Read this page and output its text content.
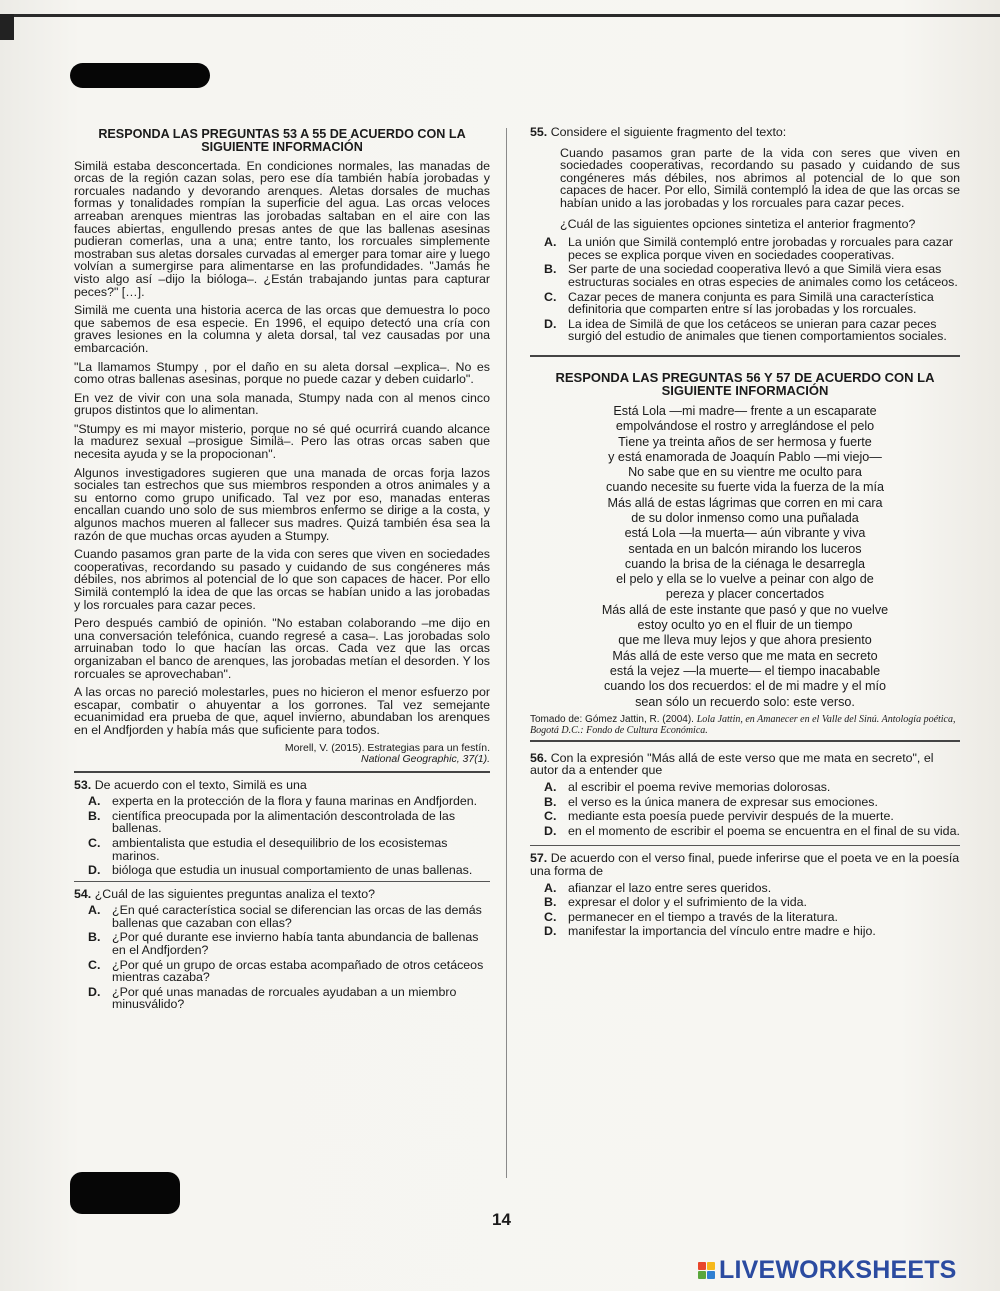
RESPONDA LAS PREGUNTAS 53 A 55 DE ACUERDO CON LA SIGUIENTE INFORMACIÓN

Similä estaba desconcertada. En condiciones normales, las manadas de orcas de la región cazan solas, pero ese día también había jorobadas y rorcuales nadando y devorando arenques. Aletas dorsales de muchas formas y tonalidades rompían la superficie del agua. Las orcas veloces arreaban arenques mientras las jorobadas saltaban en el aire con las fauces abiertas, engullendo presas antes de que las ballenas asesinas pudieran comerlas, una a una; entre tanto, los rorcuales simplemente mostraban sus aletas dorsales curvadas al emerger para tomar aire y luego volvían a sumergirse para alimentarse en las profundidades. "Jamás he visto algo así –dijo la bióloga–. ¿Están trabajando juntas para capturar peces?" […].

Similä me cuenta una historia acerca de las orcas que demuestra lo poco que sabemos de esa especie. En 1996, el equipo detectó una cría con graves lesiones en la columna y aleta dorsal, tal vez causadas por una embarcación.

"La llamamos Stumpy , por el daño en su aleta dorsal –explica–. No es como otras ballenas asesinas, porque no puede cazar y deben cuidarlo".

En vez de vivir con una sola manada, Stumpy nada con al menos cinco grupos distintos que lo alimentan.

"Stumpy es mi mayor misterio, porque no sé qué ocurrirá cuando alcance la madurez sexual –prosigue Similä–. Pero las otras orcas saben que necesita ayuda y se la propocionan".

Algunos investigadores sugieren que una manada de orcas forja lazos sociales tan estrechos que sus miembros responden a otros animales y a su entorno como grupo unificado. Tal vez por eso, manadas enteras encallan cuando uno solo de sus miembros enfermo se dirige a la costa, y algunos machos mueren al fallecer sus madres. Quizá también ésa sea la razón de que muchas orcas ayuden a Stumpy.

Cuando pasamos gran parte de la vida con seres que viven en sociedades cooperativas, recordando su pasado y cuidando de sus congéneres más débiles, nos abrimos al potencial de lo que son capaces de hacer. Por ello Similä contempló la idea de que las orcas se habían unido a las jorobadas y los rorcuales para cazar peces.

Pero después cambió de opinión. "No estaban colaborando –me dijo en una conversación telefónica, cuando regresé a casa–. Las jorobadas solo arruinaban todo lo que hacían las orcas. Cada vez que las orcas organizaban el banco de arenques, las jorobadas metían el desorden. Y los rorcuales se aprovechaban".

A las orcas no pareció molestarles, pues no hicieron el menor esfuerzo por escapar, combatir o ahuyentar a los gorrones. Tal vez semejante ecuanimidad era prueba de que, aquel invierno, abundaban los arenques en el Andfjorden y había más que suficiente para todos.

Morell, V. (2015). Estrategias para un festín.
National Geographic, 37(1).
53. De acuerdo con el texto, Similä es una
A. experta en la protección de la flora y fauna marinas en Andfjorden.
B. científica preocupada por la alimentación descontrolada de las ballenas.
C. ambientalista que estudia el desequilibrio de los ecosistemas marinos.
D. bióloga que estudia un inusual comportamiento de unas ballenas.
54. ¿Cuál de las siguientes preguntas analiza el texto?
A. ¿En qué característica social se diferencian las orcas de las demás ballenas que cazaban con ellas?
B. ¿Por qué durante ese invierno había tanta abundancia de ballenas en el Andfjorden?
C. ¿Por qué un grupo de orcas estaba acompañado de otros cetáceos mientras cazaba?
D. ¿Por qué unas manadas de rorcuales ayudaban a un miembro minusválido?
55. Considere el siguiente fragmento del texto:
Cuando pasamos gran parte de la vida con seres que viven en sociedades cooperativas, recordando su pasado y cuidando de sus congéneres más débiles, nos abrimos al potencial de lo que son capaces de hacer. Por ello, Similä contempló la idea de que las orcas se habían unido a las jorobadas y los rorcuales para cazar peces.

¿Cuál de las siguientes opciones sintetiza el anterior fragmento?

A. La unión que Similä contempló entre jorobadas y rorcuales para cazar peces se explica porque viven en sociedades cooperativas.
B. Ser parte de una sociedad cooperativa llevó a que Similä viera esas estructuras sociales en otras especies de animales como los cetáceos.
C. Cazar peces de manera conjunta es para Similä una característica definitoria que comparten entre sí las jorobadas y los rorcuales.
D. La idea de Similä de que los cetáceos se unieran para cazar peces surgió del estudio de animales que tienen comportamientos sociales.
RESPONDA LAS PREGUNTAS 56 Y 57 DE ACUERDO CON LA SIGUIENTE INFORMACIÓN
Está Lola —mi madre— frente a un escaparate
empolvándose el rostro y arreglándose el pelo
Tiene ya treinta años de ser hermosa y fuerte
y está enamorada de Joaquín Pablo —mi viejo—
No sabe que en su vientre me oculto para
cuando necesite su fuerte vida la fuerza de la mía
Más allá de estas lágrimas que corren en mi cara
de su dolor inmenso como una puñalada
está Lola —la muerta— aún vibrante y viva
sentada en un balcón mirando los luceros
cuando la brisa de la ciénaga le desarregla
el pelo y ella se lo vuelve a peinar con algo de
pereza y placer concertados
Más allá de este instante que pasó y que no vuelve
estoy oculto yo en el fluir de un tiempo
que me lleva muy lejos y que ahora presiento
Más allá de este verso que me mata en secreto
está la vejez —la muerte— el tiempo inacabable
cuando los dos recuerdos: el de mi madre y el mío
sean sólo un recuerdo solo: este verso.
Tomado de: Gómez Jattin, R. (2004). Lola Jattin, en Amanecer en el Valle del Sinú. Antología poética, Bogotá D.C.: Fondo de Cultura Económica.
56. Con la expresión "Más allá de este verso que me mata en secreto", el autor da a entender que
A. al escribir el poema revive memorias dolorosas.
B. el verso es la única manera de expresar sus emociones.
C. mediante esta poesía puede pervivir después de la muerte.
D. en el momento de escribir el poema se encuentra en el final de su vida.
57. De acuerdo con el verso final, puede inferirse que el poeta ve en la poesía una forma de
A. afianzar el lazo entre seres queridos.
B. expresar el dolor y el sufrimiento de la vida.
C. permanecer en el tiempo a través de la literatura.
D. manifestar la importancia del vínculo entre madre e hijo.
14
LIVEWORKSHEETS
